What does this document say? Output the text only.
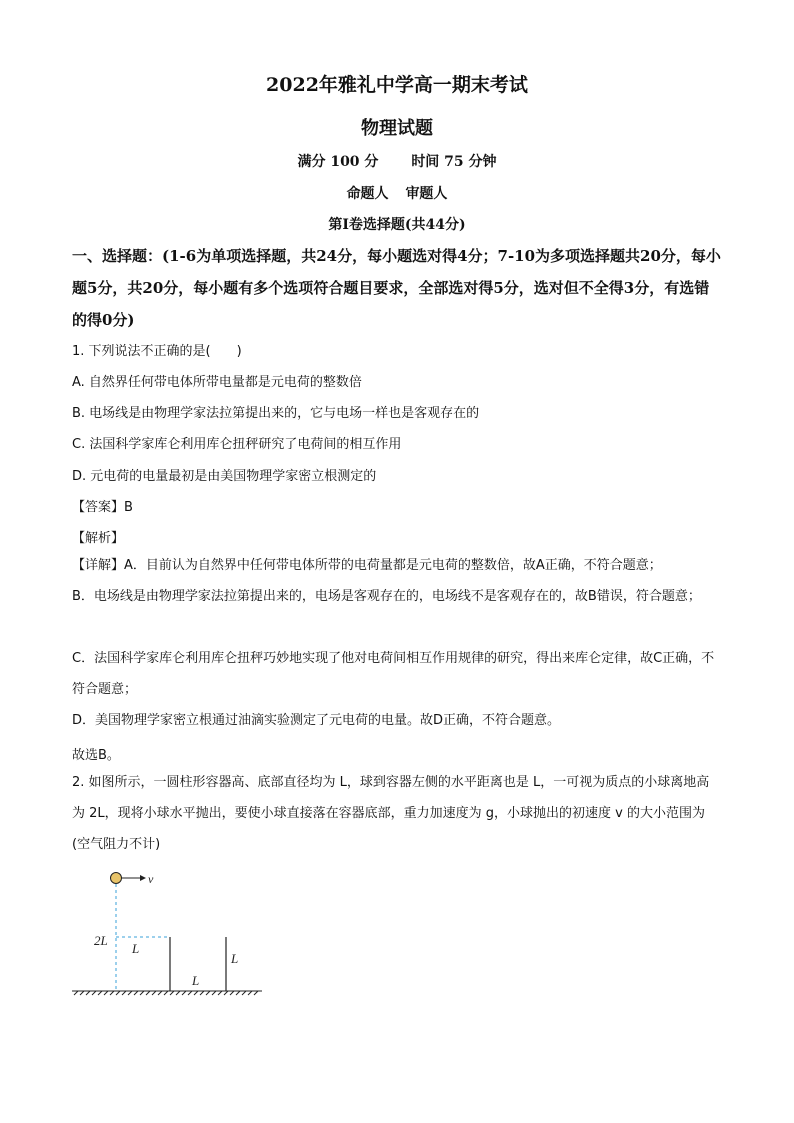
2022年雅礼中学高一期末考试
物理试题
满分 100 分 时间 75 分钟
命题人 审题人
第Ⅰ卷选择题(共44分)
一、选择题：(1-6为单项选择题，共24分，每小题选对得4分；7-10为多项选择题共20分，每小题5分，共20分，每小题有多个选项符合题目要求，全部选对得5分，选对但不全得3分，有选错的得0分)
1. 下列说法不正确的是(　　)
A. 自然界任何带电体所带电量都是元电荷的整数倍
B. 电场线是由物理学家法拉第提出来的，它与电场一样也是客观存在的
C. 法国科学家库仑利用库仑扭秤研究了电荷间的相互作用
D. 元电荷的电量最初是由美国物理学家密立根测定的
【答案】B
【解析】
【详解】A．目前认为自然界中任何带电体所带的电荷量都是元电荷的整数倍，故A正确，不符合题意；
B．电场线是由物理学家法拉第提出来的，电场是客观存在的，电场线不是客观存在的，故B错误，符合题意；
C．法国科学家库仑利用库仑扭秤巧妙地实现了他对电荷间相互作用规律的研究，得出来库仑定律，故C正确，不符合题意；
D．美国物理学家密立根通过油滴实验测定了元电荷的电量。故D正确，不符合题意。
故选B。
2. 如图所示，一圆柱形容器高、底部直径均为 L，球到容器左侧的水平距离也是 L，一可视为质点的小球离地高为 2L，现将小球水平抛出，要使小球直接落在容器底部，重力加速度为 g，小球抛出的初速度 v 的大小范围为(空气阻力不计)
v
2L
L
L
L
